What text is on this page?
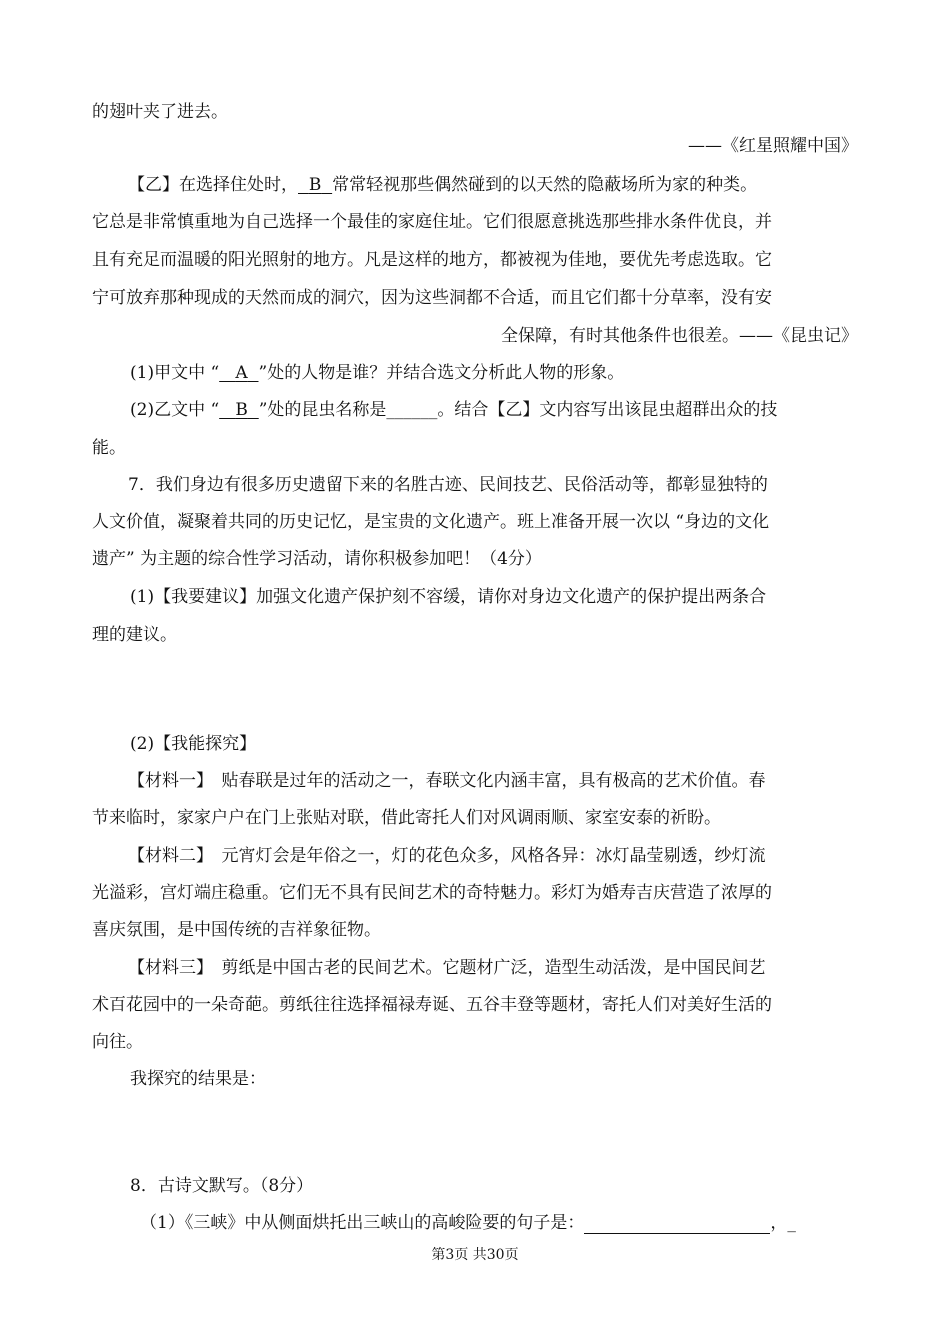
的翅叶夹了进去。
——《红星照耀中国》
【乙】在选择住处时， B 常常轻视那些偶然碰到的以天然的隐蔽场所为家的种类。
它总是非常慎重地为自己选择一个最佳的家庭住址。它们很愿意挑选那些排水条件优良，并
且有充足而温暖的阳光照射的地方。凡是这样的地方，都被视为佳地，要优先考虑选取。它
宁可放弃那种现成的天然而成的洞穴，因为这些洞都不合适，而且它们都十分草率，没有安
全保障，有时其他条件也很差。——《昆虫记》
(1)甲文中 “ A ”处的人物是谁？并结合选文分析此人物的形象。
(2)乙文中 “ B ”处的昆虫名称是______。结合【乙】文内容写出该昆虫超群出众的技
能。
7．我们身边有很多历史遗留下来的名胜古迹、民间技艺、民俗活动等，都彰显独特的
人文价值，凝聚着共同的历史记忆，是宝贵的文化遗产。班上准备开展一次以 “身边的文化
遗产” 为主题的综合性学习活动，请你积极参加吧！（4分）
(1)【我要建议】加强文化遗产保护刻不容缓，请你对身边文化遗产的保护提出两条合
理的建议。
(2)【我能探究】
【材料一】　贴春联是过年的活动之一，春联文化内涵丰富，具有极高的艺术价值。春
节来临时，家家户户在门上张贴对联，借此寄托人们对风调雨顺、家室安泰的祈盼。
【材料二】　元宵灯会是年俗之一，灯的花色众多，风格各异：冰灯晶莹剔透，纱灯流
光溢彩，宫灯端庄稳重。它们无不具有民间艺术的奇特魅力。彩灯为婚寿吉庆营造了浓厚的
喜庆氛围，是中国传统的吉祥象征物。
【材料三】　剪纸是中国古老的民间艺术。它题材广泛，造型生动活泼，是中国民间艺
术百花园中的一朵奇葩。剪纸往往选择福禄寿诞、五谷丰登等题材，寄托人们对美好生活的
向往。
我探究的结果是：
8．古诗文默写。（8分）
（1）《三峡》中从侧面烘托出三峡山的高峻险要的句子是：	，_
第3页 共30页
